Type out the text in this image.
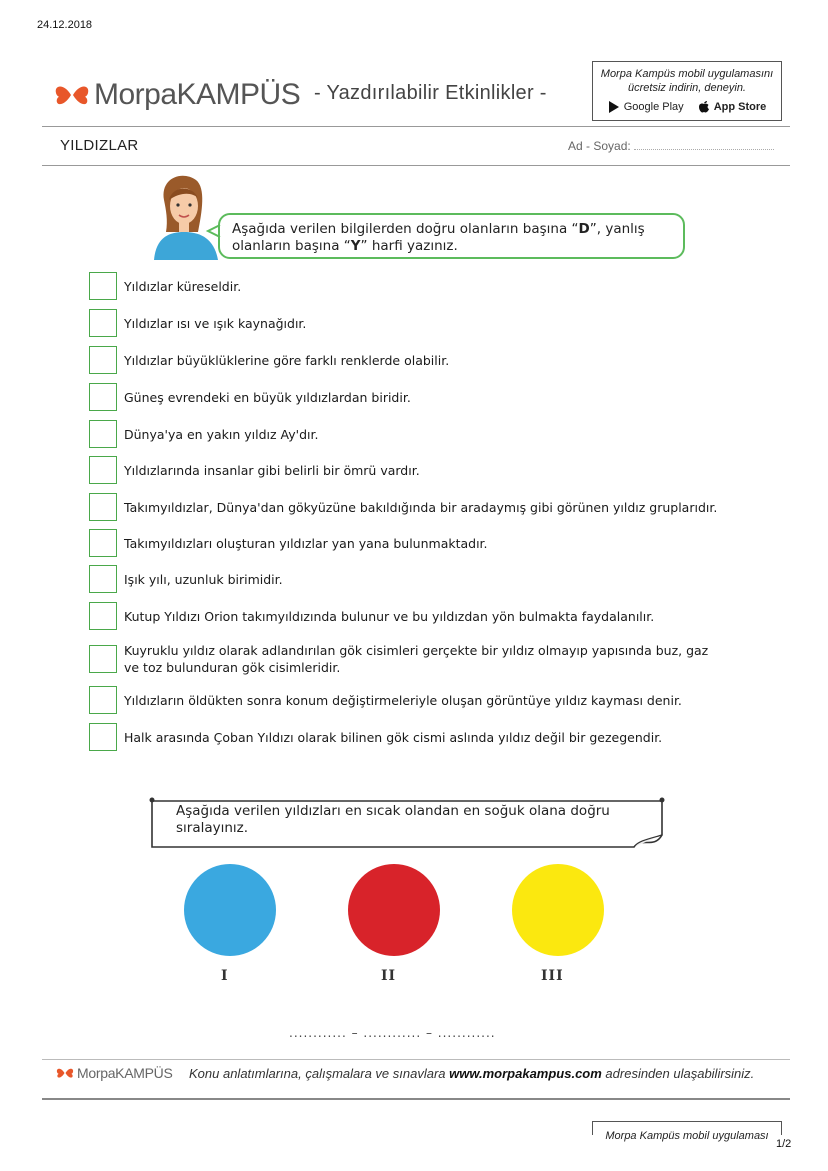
24.12.2018
MorpaKAMPÜS - Yazdırılabilir Etkinlikler -
Morpa Kampüs mobil uygulamasını
ücretsiz indirin, deneyin.
Google Play	App Store
YILDIZLAR	Ad - Soyad:
Aşağıda verilen bilgilerden doğru olanların başına “D”, yanlış olanların başına “Y” harfi yazınız.
Yıldızlar küreseldir.
Yıldızlar ısı ve ışık kaynağıdır.
Yıldızlar büyüklüklerine göre farklı renklerde olabilir.
Güneş evrendeki en büyük yıldızlardan biridir.
Dünya'ya en yakın yıldız Ay'dır.
Yıldızlarında insanlar gibi belirli bir ömrü vardır.
Takımyıldızlar, Dünya'dan gökyüzüne bakıldığında bir aradaymış gibi görünen yıldız gruplarıdır.
Takımyıldızları oluşturan yıldızlar yan yana bulunmaktadır.
Işık yılı, uzunluk birimidir.
Kutup Yıldızı Orion takımyıldızında bulunur ve bu yıldızdan yön bulmakta faydalanılır.
Kuyruklu yıldız olarak adlandırılan gök cisimleri gerçekte bir yıldız olmayıp yapısında buz, gaz ve toz bulunduran gök cisimleridir.
Yıldızların öldükten sonra konum değiştirmeleriyle oluşan görüntüye yıldız kayması denir.
Halk arasında Çoban Yıldızı olarak bilinen gök cismi aslında yıldız değil bir gezegendir.
Aşağıda verilen yıldızları en sıcak olandan en soğuk olana doğru sıralayınız.
I	II	III
............ – ............ – ............
MorpaKAMPÜS Konu anlatımlarına, çalışmalara ve sınavlara www.morpakampus.com adresinden ulaşabilirsiniz.
Morpa Kampüs mobil uygulaması
1/2
